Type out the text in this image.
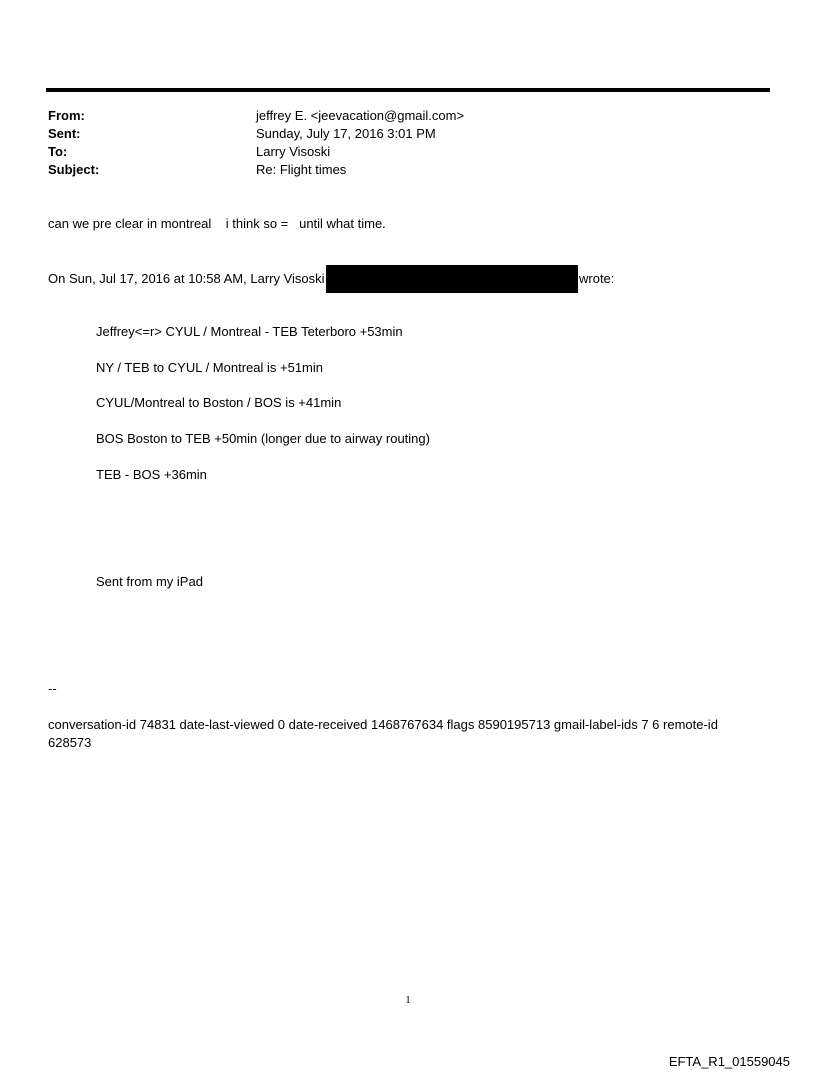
From:	jeffrey E. <jeevacation@gmail.com>
Sent:	Sunday, July 17, 2016 3:01 PM
To:	Larry Visoski
Subject:	Re: Flight times
can we pre clear in montreal    i think so =   until what time.
On Sun, Jul 17, 2016 at 10:58 AM, Larry Visoski	wrote:
Jeffrey<=r> CYUL / Montreal - TEB Teterboro +53min
NY / TEB to CYUL / Montreal is +51min
CYUL/Montreal to Boston / BOS is +41min
BOS Boston to TEB +50min (longer due to airway routing)
TEB - BOS +36min
Sent from my iPad
--
conversation-id 74831 date-last-viewed 0 date-received 1468767634 flags 8590195713 gmail-label-ids 7 6 remote-id
628573
1
EFTA_R1_01559045
